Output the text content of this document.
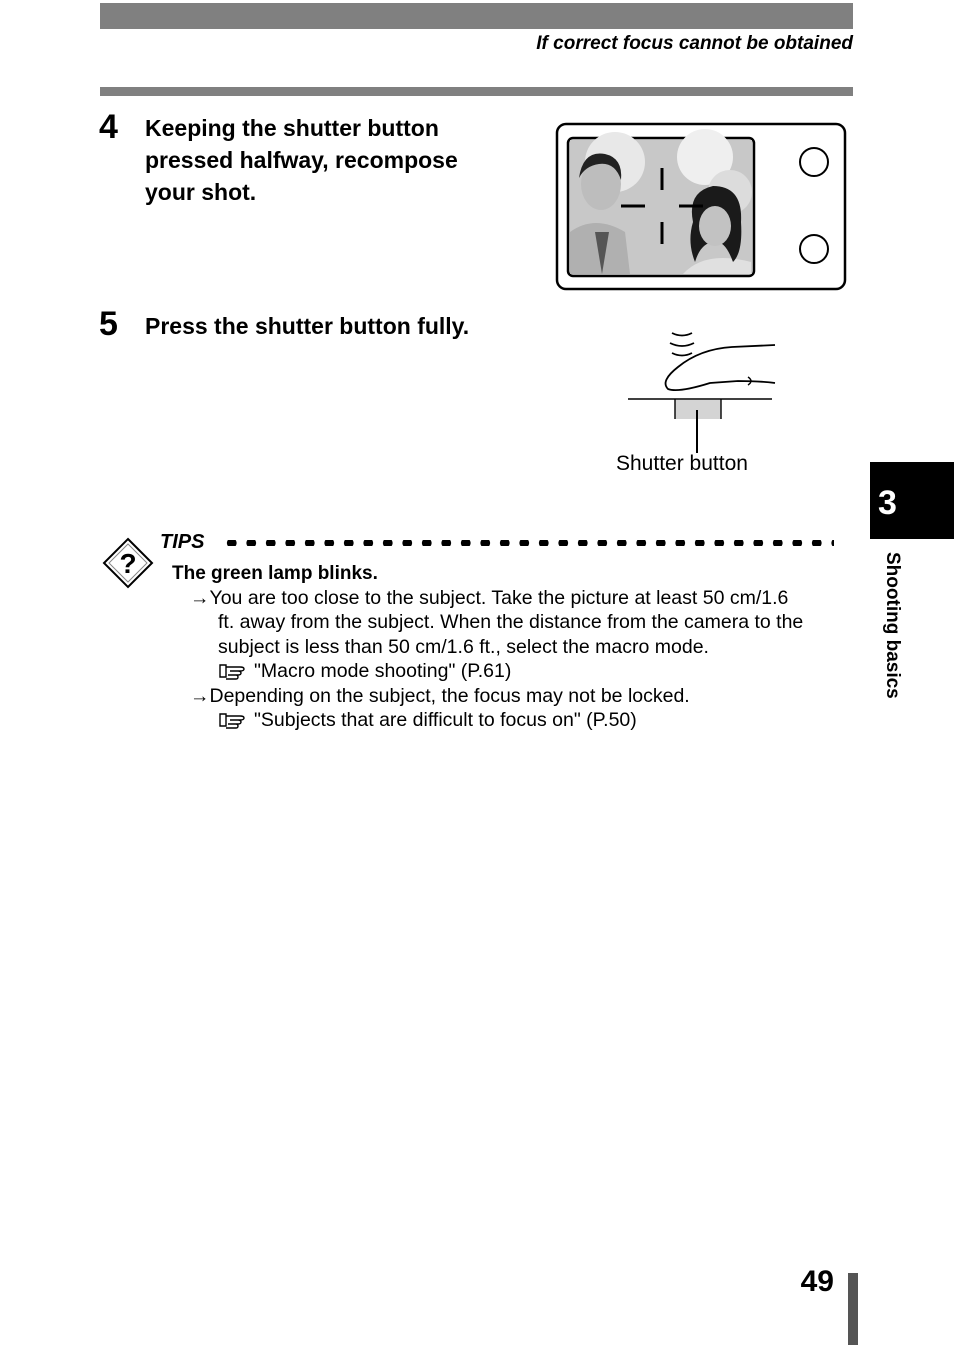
If correct focus cannot be obtained
4 Keeping the shutter button
pressed halfway, recompose
your shot.
5 Press the shutter button fully.
Shutter button
?
TIPS
The green lamp blinks.
→You are too close to the subject. Take the picture at least 50 cm/1.6
ft. away from the subject. When the distance from the camera to the
subject is less than 50 cm/1.6 ft., select the macro mode.
"Macro mode shooting" (P.61)
→Depending on the subject, the focus may not be locked.
"Subjects that are difficult to focus on" (P.50)
3
Shooting basics
49
